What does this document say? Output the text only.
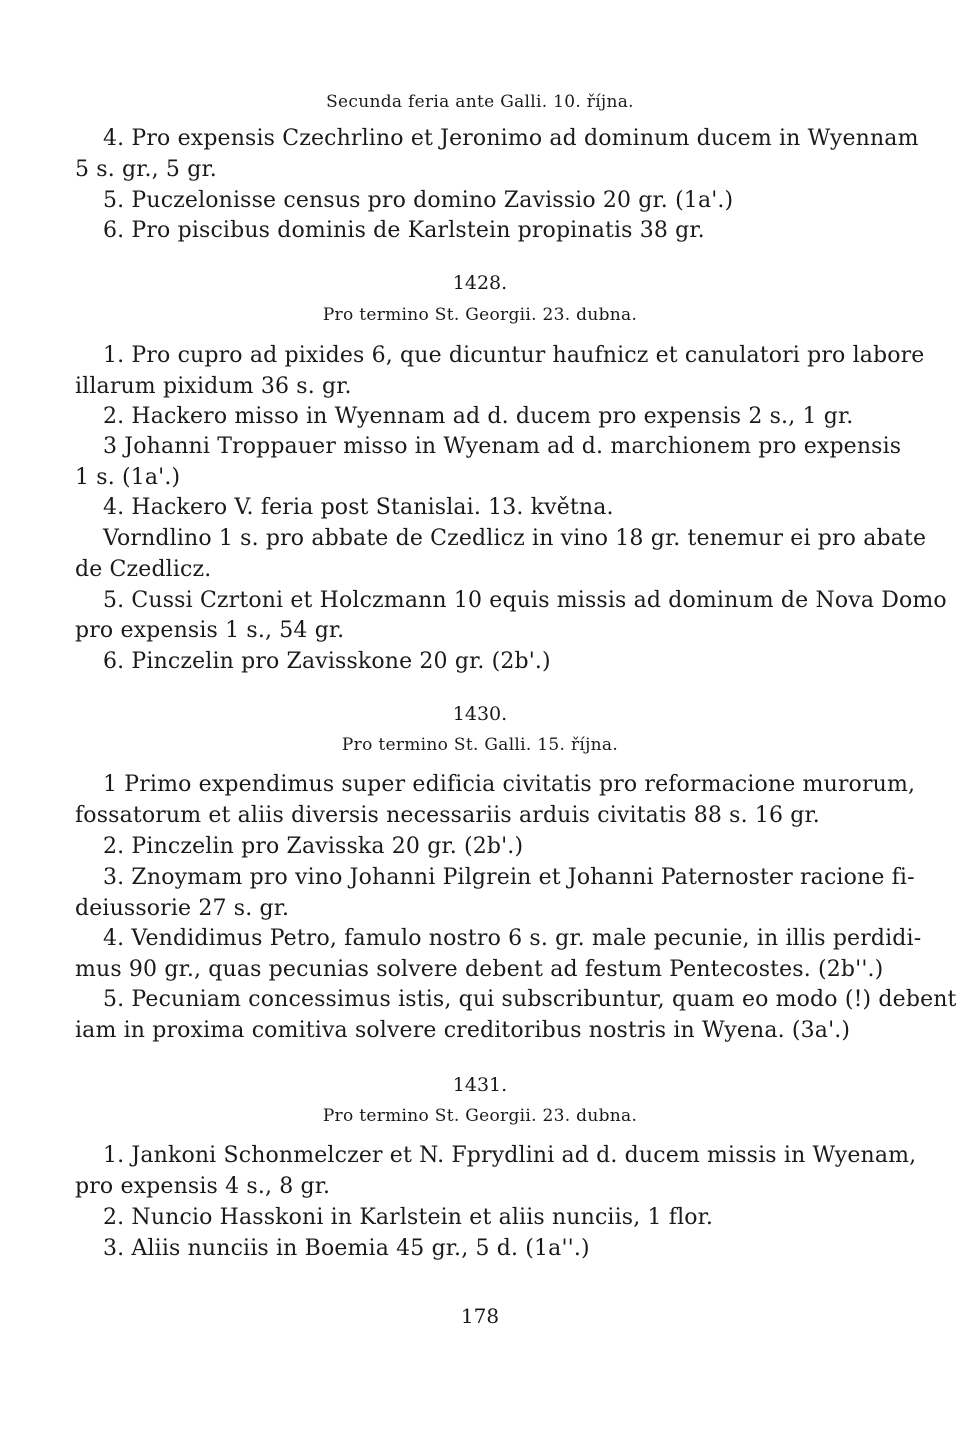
Secunda feria ante Galli. 10. října.
4. Pro expensis Czechrlino et Jeronimo ad dominum ducem in Wyennam
5 s. gr., 5 gr.
5. Puczelonisse census pro domino Zavissio 20 gr. (1a'.)
6. Pro piscibus dominis de Karlstein propinatis 38 gr.
1428.
Pro termino St. Georgii. 23. dubna.
1. Pro cupro ad pixides 6, que dicuntur haufnicz et canulatori pro labore
illarum pixidum 36 s. gr.
2. Hackero misso in Wyennam ad d. ducem pro expensis 2 s., 1 gr.
3 Johanni Troppauer misso in Wyenam ad d. marchionem pro expensis
1 s. (1a'.)
4. Hackero V. feria post Stanislai. 13. května.
Vorndlino 1 s. pro abbate de Czedlicz in vino 18 gr. tenemur ei pro abate
de Czedlicz.
5. Cussi Czrtoni et Holczmann 10 equis missis ad dominum de Nova Domo
pro expensis 1 s., 54 gr.
6. Pinczelin pro Zavisskone 20 gr. (2b'.)
1430.
Pro termino St. Galli. 15. října.
1 Primo expendimus super edificia civitatis pro reformacione murorum,
fossatorum et aliis diversis necessariis arduis civitatis 88 s. 16 gr.
2. Pinczelin pro Zavisska 20 gr. (2b'.)
3. Znoymam pro vino Johanni Pilgrein et Johanni Paternoster racione fi-
deiussorie 27 s. gr.
4. Vendidimus Petro, famulo nostro 6 s. gr. male pecunie, in illis perdidi-
mus 90 gr., quas pecunias solvere debent ad festum Pentecostes. (2b''.)
5. Pecuniam concessimus istis, qui subscribuntur, quam eo modo (!) debent
iam in proxima comitiva solvere creditoribus nostris in Wyena. (3a'.)
1431.
Pro termino St. Georgii. 23. dubna.
1. Jankoni Schonmelczer et N. Fprydlini ad d. ducem missis in Wyenam,
pro expensis 4 s., 8 gr.
2. Nuncio Hasskoni in Karlstein et aliis nunciis, 1 flor.
3. Aliis nunciis in Boemia 45 gr., 5 d. (1a''.)
178
